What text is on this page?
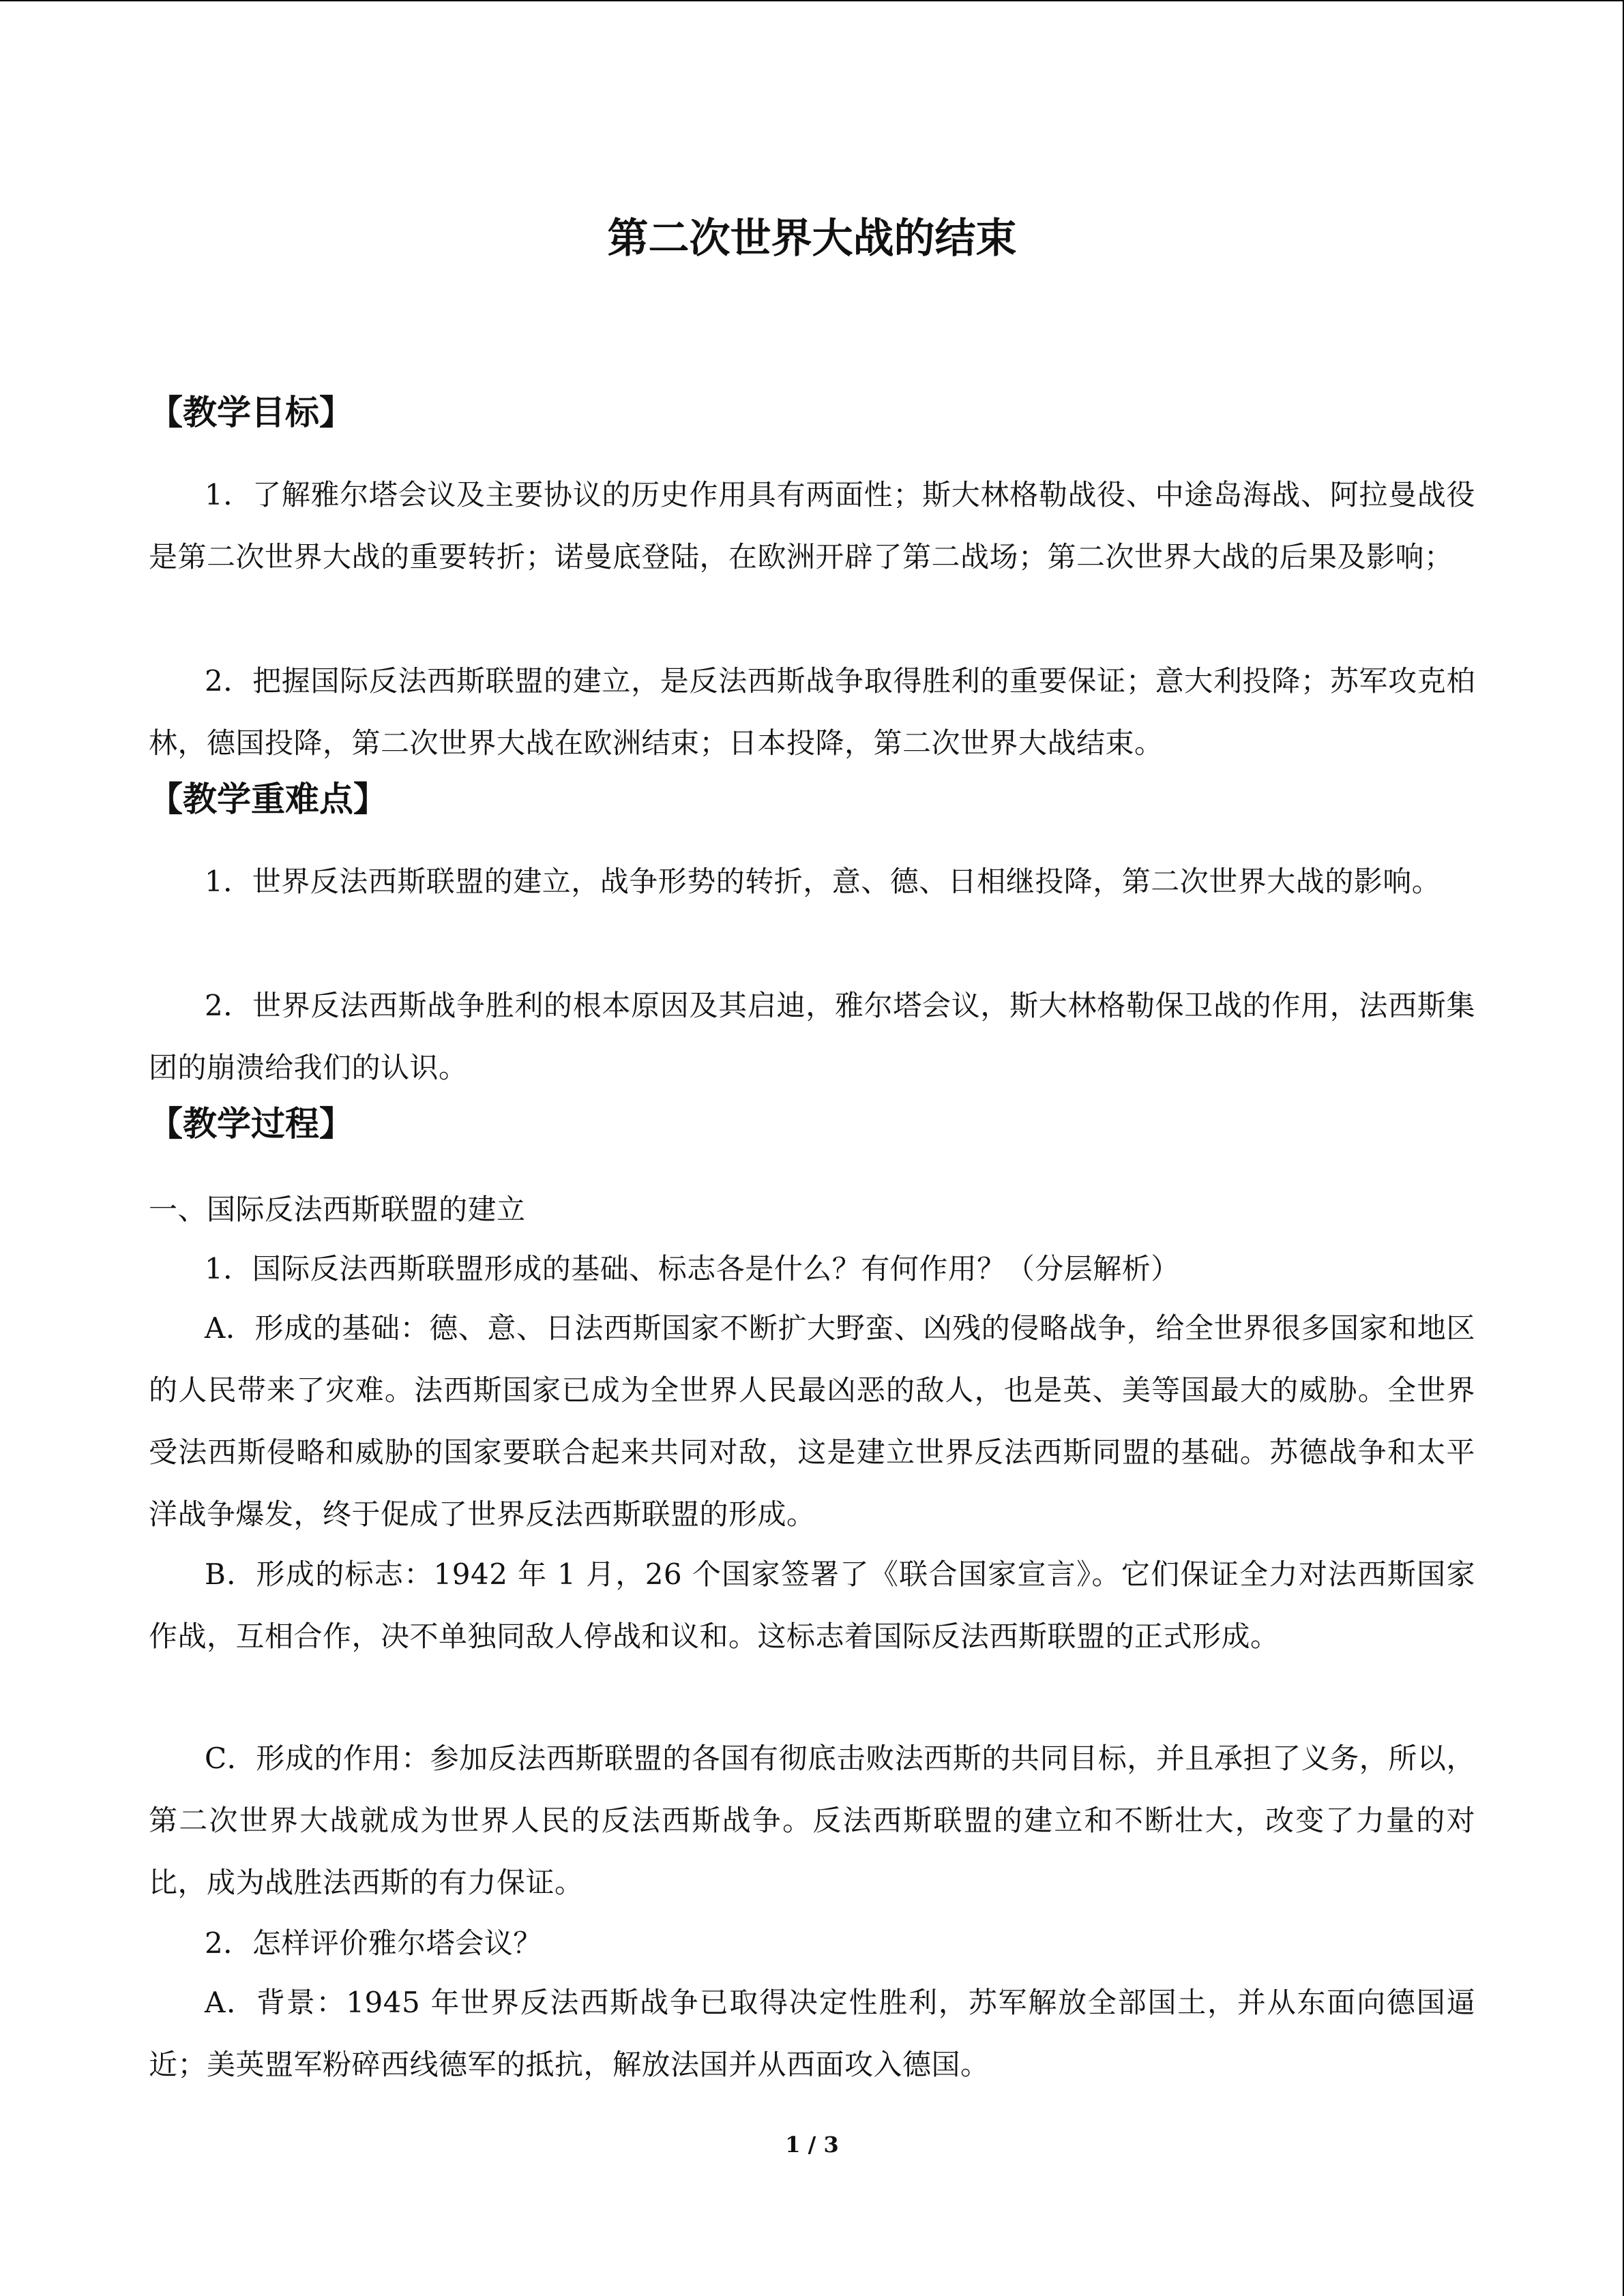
第二次世界大战的结束
【教学目标】

1．了解雅尔塔会议及主要协议的历史作用具有两面性；斯大林格勒战役、中途岛海战、阿拉曼战役是第二次世界大战的重要转折；诺曼底登陆，在欧洲开辟了第二战场；第二次世界大战的后果及影响；

2．把握国际反法西斯联盟的建立，是反法西斯战争取得胜利的重要保证；意大利投降；苏军攻克柏林，德国投降，第二次世界大战在欧洲结束；日本投降，第二次世界大战结束。

【教学重难点】

1．世界反法西斯联盟的建立，战争形势的转折，意、德、日相继投降，第二次世界大战的影响。

2．世界反法西斯战争胜利的根本原因及其启迪，雅尔塔会议，斯大林格勒保卫战的作用，法西斯集团的崩溃给我们的认识。

【教学过程】

一、国际反法西斯联盟的建立

1．国际反法西斯联盟形成的基础、标志各是什么？有何作用？（分层解析）

A．形成的基础：德、意、日法西斯国家不断扩大野蛮、凶残的侵略战争，给全世界很多国家和地区的人民带来了灾难。法西斯国家已成为全世界人民最凶恶的敌人，也是英、美等国最大的威胁。全世界受法西斯侵略和威胁的国家要联合起来共同对敌，这是建立世界反法西斯同盟的基础。苏德战争和太平洋战争爆发，终于促成了世界反法西斯联盟的形成。

B．形成的标志：1942 年 1 月，26 个国家签署了《联合国家宣言》。它们保证全力对法西斯国家作战，互相合作，决不单独同敌人停战和议和。这标志着国际反法西斯联盟的正式形成。

C．形成的作用：参加反法西斯联盟的各国有彻底击败法西斯的共同目标，并且承担了义务，所以，第二次世界大战就成为世界人民的反法西斯战争。反法西斯联盟的建立和不断壮大，改变了力量的对比，成为战胜法西斯的有力保证。

2．怎样评价雅尔塔会议？

A．背景：1945 年世界反法西斯战争已取得决定性胜利，苏军解放全部国土，并从东面向德国逼近；美英盟军粉碎西线德军的抵抗，解放法国并从西面攻入德国。

1 / 3
